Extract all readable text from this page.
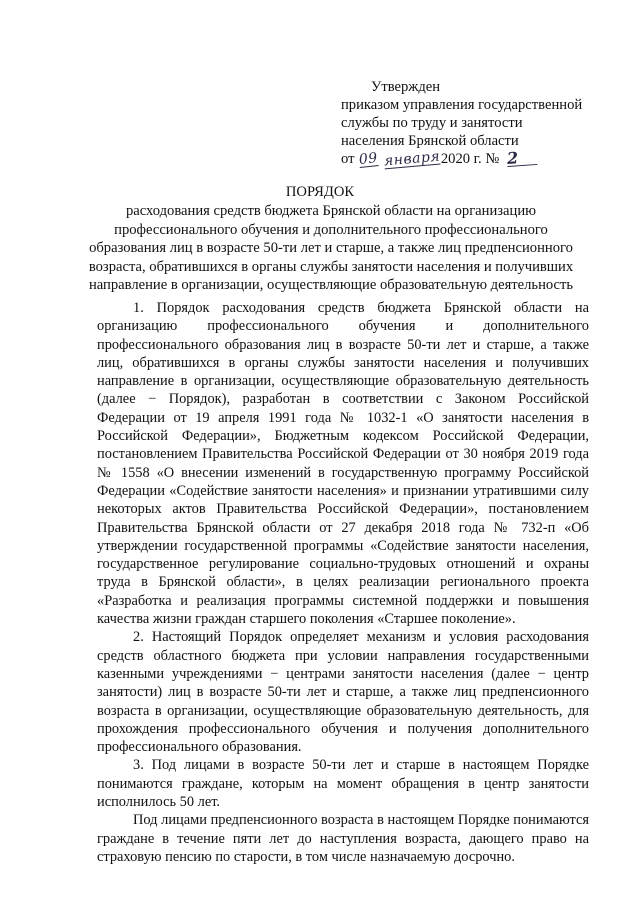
Утвержден
приказом управления государственной
службы по труду и занятости
населения Брянской области
от 09 января2020 г. № 2
ПОРЯДОК
расходования средств бюджета Брянской области на организацию профессионального обучения и дополнительного профессионального образования лиц в возрасте 50-ти лет и старше, а также лиц предпенсионного возраста, обратившихся в органы службы занятости населения и получивших направление в организации, осуществляющие образовательную деятельность

1. Порядок расходования средств бюджета Брянской области на организацию профессионального обучения и дополнительного профессионального образования лиц в возрасте 50-ти лет и старше, а также лиц, обратившихся в органы службы занятости населения и получивших направление в организации, осуществляющие образовательную деятельность (далее − Порядок), разработан в соответствии с Законом Российской Федерации от 19 апреля 1991 года № 1032-1 «О занятости населения в Российской Федерации», Бюджетным кодексом Российской Федерации, постановлением Правительства Российской Федерации от 30 ноября 2019 года № 1558 «О внесении изменений в государственную программу Российской Федерации «Содействие занятости населения» и признании утратившими силу некоторых актов Правительства Российской Федерации», постановлением Правительства Брянской области от 27 декабря 2018 года № 732-п «Об утверждении государственной программы «Содействие занятости населения, государственное регулирование социально-трудовых отношений и охраны труда в Брянской области», в целях реализации регионального проекта «Разработка и реализация программы системной поддержки и повышения качества жизни граждан старшего поколения «Старшее поколение».

2. Настоящий Порядок определяет механизм и условия расходования средств областного бюджета при условии направления государственными казенными учреждениями − центрами занятости населения (далее − центр занятости) лиц в возрасте 50-ти лет и старше, а также лиц предпенсионного возраста в организации, осуществляющие образовательную деятельность, для прохождения профессионального обучения и получения дополнительного профессионального образования.

3. Под лицами в возрасте 50-ти лет и старше в настоящем Порядке понимаются граждане, которым на момент обращения в центр занятости исполнилось 50 лет.

Под лицами предпенсионного возраста в настоящем Порядке понимаются граждане в течение пяти лет до наступления возраста, дающего право на страховую пенсию по старости, в том числе назначаемую досрочно.
